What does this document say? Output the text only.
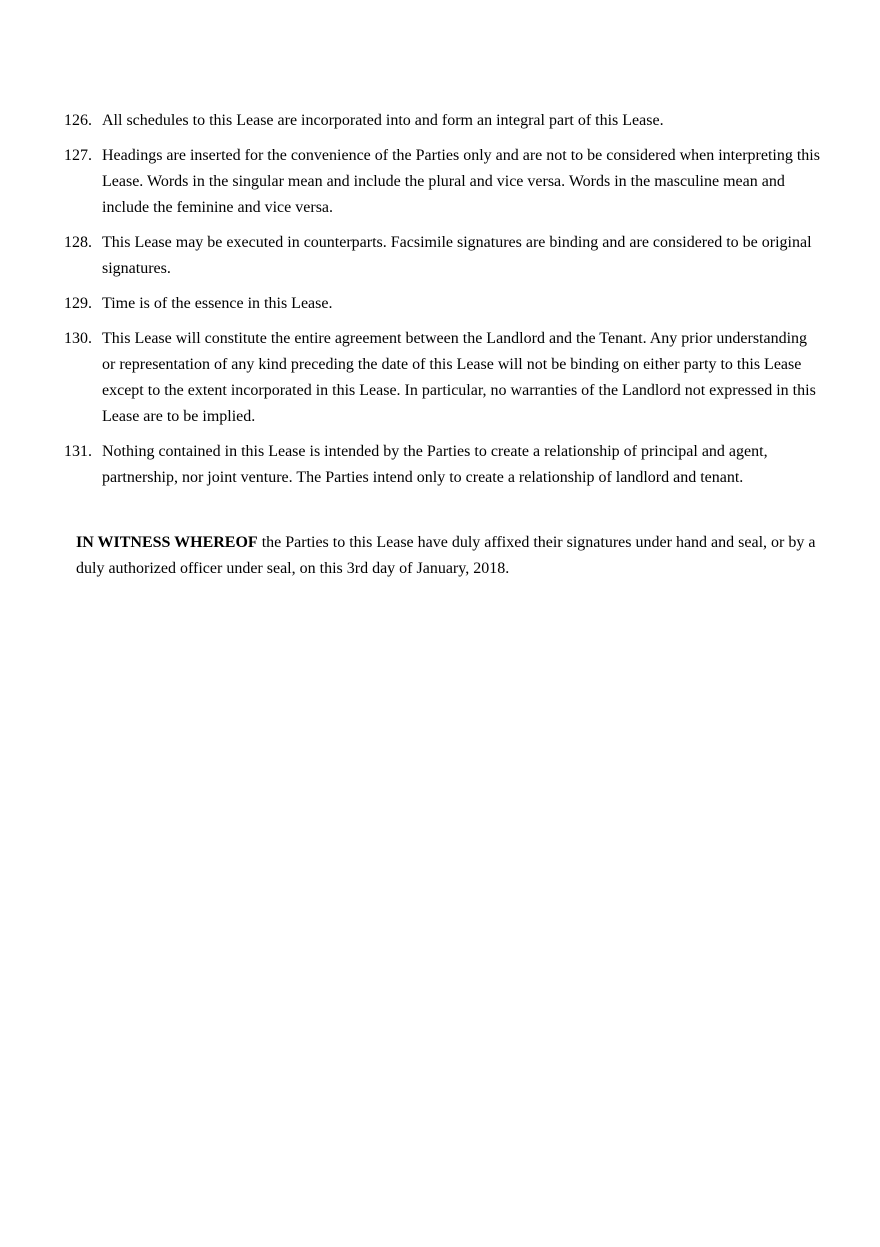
126. All schedules to this Lease are incorporated into and form an integral part of this Lease.
127. Headings are inserted for the convenience of the Parties only and are not to be considered when interpreting this Lease. Words in the singular mean and include the plural and vice versa. Words in the masculine mean and include the feminine and vice versa.
128. This Lease may be executed in counterparts. Facsimile signatures are binding and are considered to be original signatures.
129. Time is of the essence in this Lease.
130. This Lease will constitute the entire agreement between the Landlord and the Tenant. Any prior understanding or representation of any kind preceding the date of this Lease will not be binding on either party to this Lease except to the extent incorporated in this Lease. In particular, no warranties of the Landlord not expressed in this Lease are to be implied.
131. Nothing contained in this Lease is intended by the Parties to create a relationship of principal and agent, partnership, nor joint venture. The Parties intend only to create a relationship of landlord and tenant.

IN WITNESS WHEREOF the Parties to this Lease have duly affixed their signatures under hand and seal, or by a duly authorized officer under seal, on this 3rd day of January, 2018.
